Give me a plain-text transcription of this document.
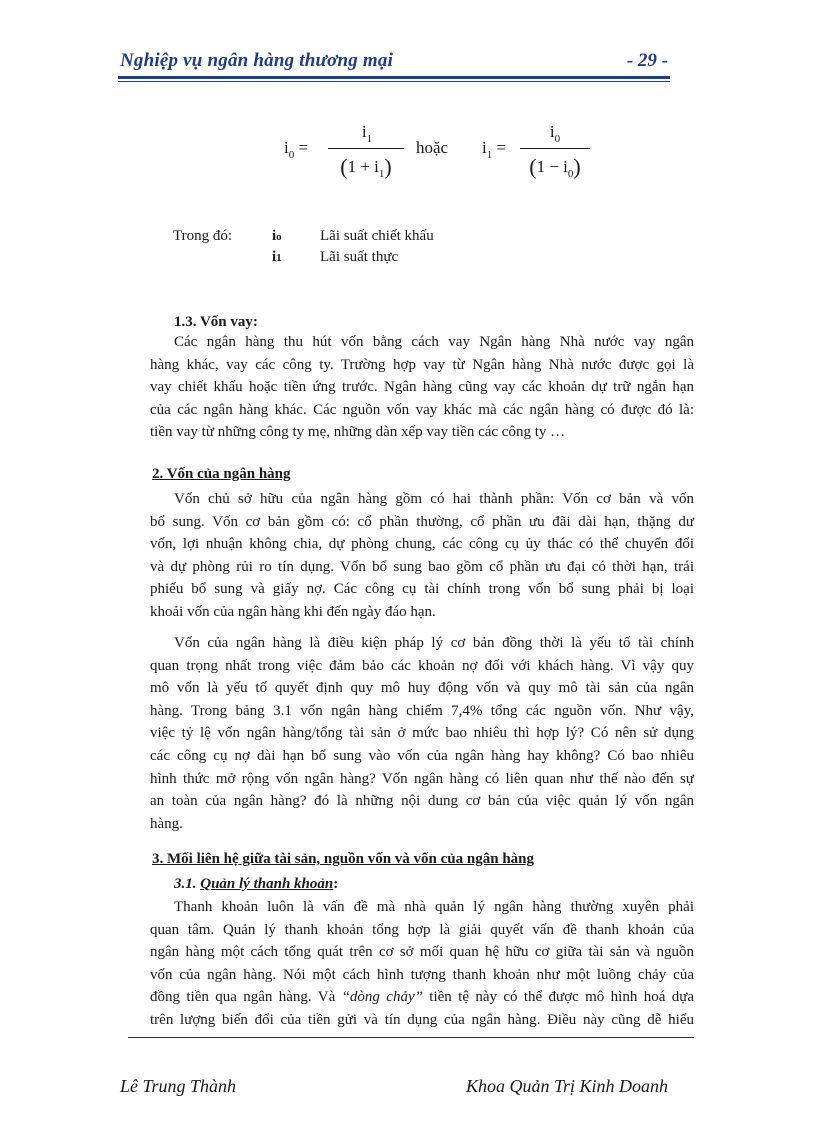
Nghiệp vụ ngân hàng thương mại	- 29 -
$i_0$ =
$i_1$
$(1 + i_1)$
hoặc $i_1$ =
$i_0$
$(1 - i_0)$
Trong đó:	io	Lãi suất chiết khấu
i1	Lãi suất thực
1.3. Vốn vay:
Các ngân hàng thu hút vốn bằng cách vay Ngân hàng Nhà nước vay ngân
hàng khác, vay các công ty. Trường hợp vay từ Ngân hàng Nhà nước được gọi là
vay chiết khấu hoặc tiền ứng trước. Ngân hàng cũng vay các khoản dự trữ ngắn hạn
của các ngân hàng khác. Các nguồn vốn vay khác mà các ngân hàng có được đó là:
tiền vay từ những công ty mẹ, những dàn xếp vay tiền các công ty …
2. Vốn của ngân hàng
Vốn chủ sở hữu của ngân hàng gồm có hai thành phần: Vốn cơ bản và vốn
bổ sung. Vốn cơ bản gồm có: cổ phần thường, cổ phần ưu đãi dài hạn, thặng dư
vốn, lợi nhuận không chia, dự phòng chung, các công cụ ủy thác có thể chuyển đổi
và dự phòng rủi ro tín dụng. Vốn bổ sung bao gồm cổ phần ưu đại có thời hạn, trái
phiếu bổ sung và giấy nợ. Các công cụ tài chính trong vốn bổ sung phải bị loại
khoải vốn của ngân hàng khi đến ngày đáo hạn.
Vốn của ngân hàng là điều kiện pháp lý cơ bản đồng thời là yếu tố tài chính
quan trọng nhất trong việc đảm bảo các khoản nợ đối với khách hàng. Vì vậy quy
mô vốn là yếu tố quyết định quy mô huy động vốn và quy mô tài sản của ngân
hàng. Trong bảng 3.1 vốn ngân hàng chiếm 7,4% tổng các nguồn vốn. Như vậy,
việc tỷ lệ vốn ngân hàng/tổng tài sản ở mức bao nhiêu thì hợp lý? Có nên sử dụng
các công cụ nợ dài hạn bổ sung vào vốn của ngân hàng hay không? Có bao nhiêu
hình thức mở rộng vốn ngân hàng? Vốn ngân hàng có liên quan như thế nào đến sự
an toàn của ngân hàng? đó là những nội dung cơ bản của việc quản lý vốn ngân
hàng.
3. Mối liên hệ giữa tài sản, nguồn vốn và vốn của ngân hàng
3.1. Quản lý thanh khoản:
Thanh khoản luôn là vấn đề mà nhà quản lý ngân hàng thường xuyên phải
quan tâm. Quản lý thanh khoản tổng hợp là giải quyết vấn đề thanh khoản của
ngân hàng một cách tổng quát trên cơ sở mối quan hệ hữu cơ giữa tài sản và nguồn
vốn của ngân hàng. Nói một cách hình tượng thanh khoản như một luồng chảy của
đồng tiền qua ngân hàng. Và “dòng chảy” tiền tệ này có thể được mô hình hoá dựa
trên lượng biến đổi của tiền gửi và tín dụng của ngân hàng. Điều này cũng dễ hiểu
Lê Trung Thành	Khoa Quản Trị Kinh Doanh
